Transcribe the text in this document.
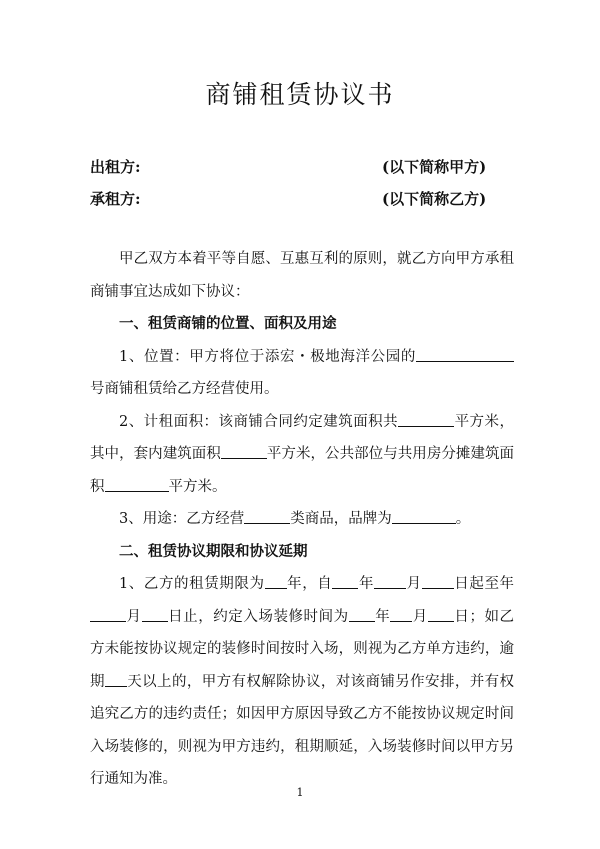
商铺租赁协议书
出租方:	(以下简称甲方)
承租方:	(以下简称乙方)

甲乙双方本着平等自愿、互惠互利的原则，就乙方向甲方承租商铺事宜达成如下协议：

一、租赁商铺的位置、面积及用途

1、位置：甲方将位于添宏・极地海洋公园的号商铺租赁给乙方经营使用。

2、计租面积：该商铺合同约定建筑面积共	平方米，其中，套内建筑面积	平方米，公共部位与共用房分摊建筑面积	平方米。

3、用途：乙方经营	类商品，品牌为	。

二、租赁协议期限和协议延期

1、乙方的租赁期限为 年，自 年 月 日起至年月 日止，约定入场装修时间为 年 月 日；如乙方未能按协议规定的装修时间按时入场，则视为乙方单方违约，逾期 天以上的，甲方有权解除协议，对该商铺另作安排，并有权追究乙方的违约责任；如因甲方原因导致乙方不能按协议规定时间入场装修的，则视为甲方违约，租期顺延，入场装修时间以甲方另行通知为准。

1
